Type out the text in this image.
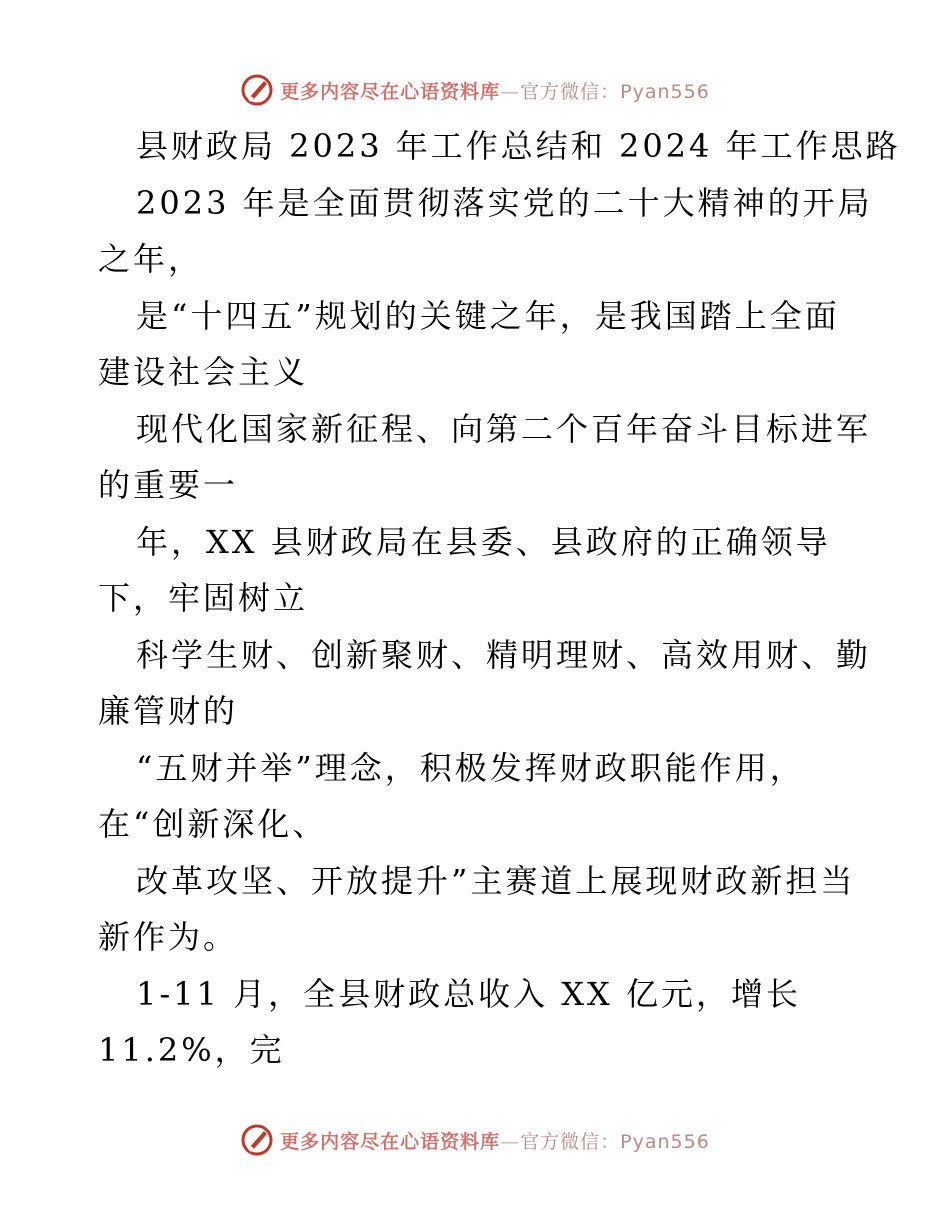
更多内容尽在心语资料库—官方微信：Pyan556

县财政局 2023 年工作总结和 2024 年工作思路

2023 年是全面贯彻落实党的二十大精神的开局

之年，

是“十四五”规划的关键之年，是我国踏上全面

建设社会主义

现代化国家新征程、向第二个百年奋斗目标进军

的重要一

年，XX 县财政局在县委、县政府的正确领导

下，牢固树立

科学生财、创新聚财、精明理财、高效用财、勤

廉管财的

“五财并举”理念，积极发挥财政职能作用，

在“创新深化、

改革攻坚、开放提升”主赛道上展现财政新担当

新作为。

1-11 月，全县财政总收入 XX 亿元，增长

11.2%，完

更多内容尽在心语资料库—官方微信：Pyan556
